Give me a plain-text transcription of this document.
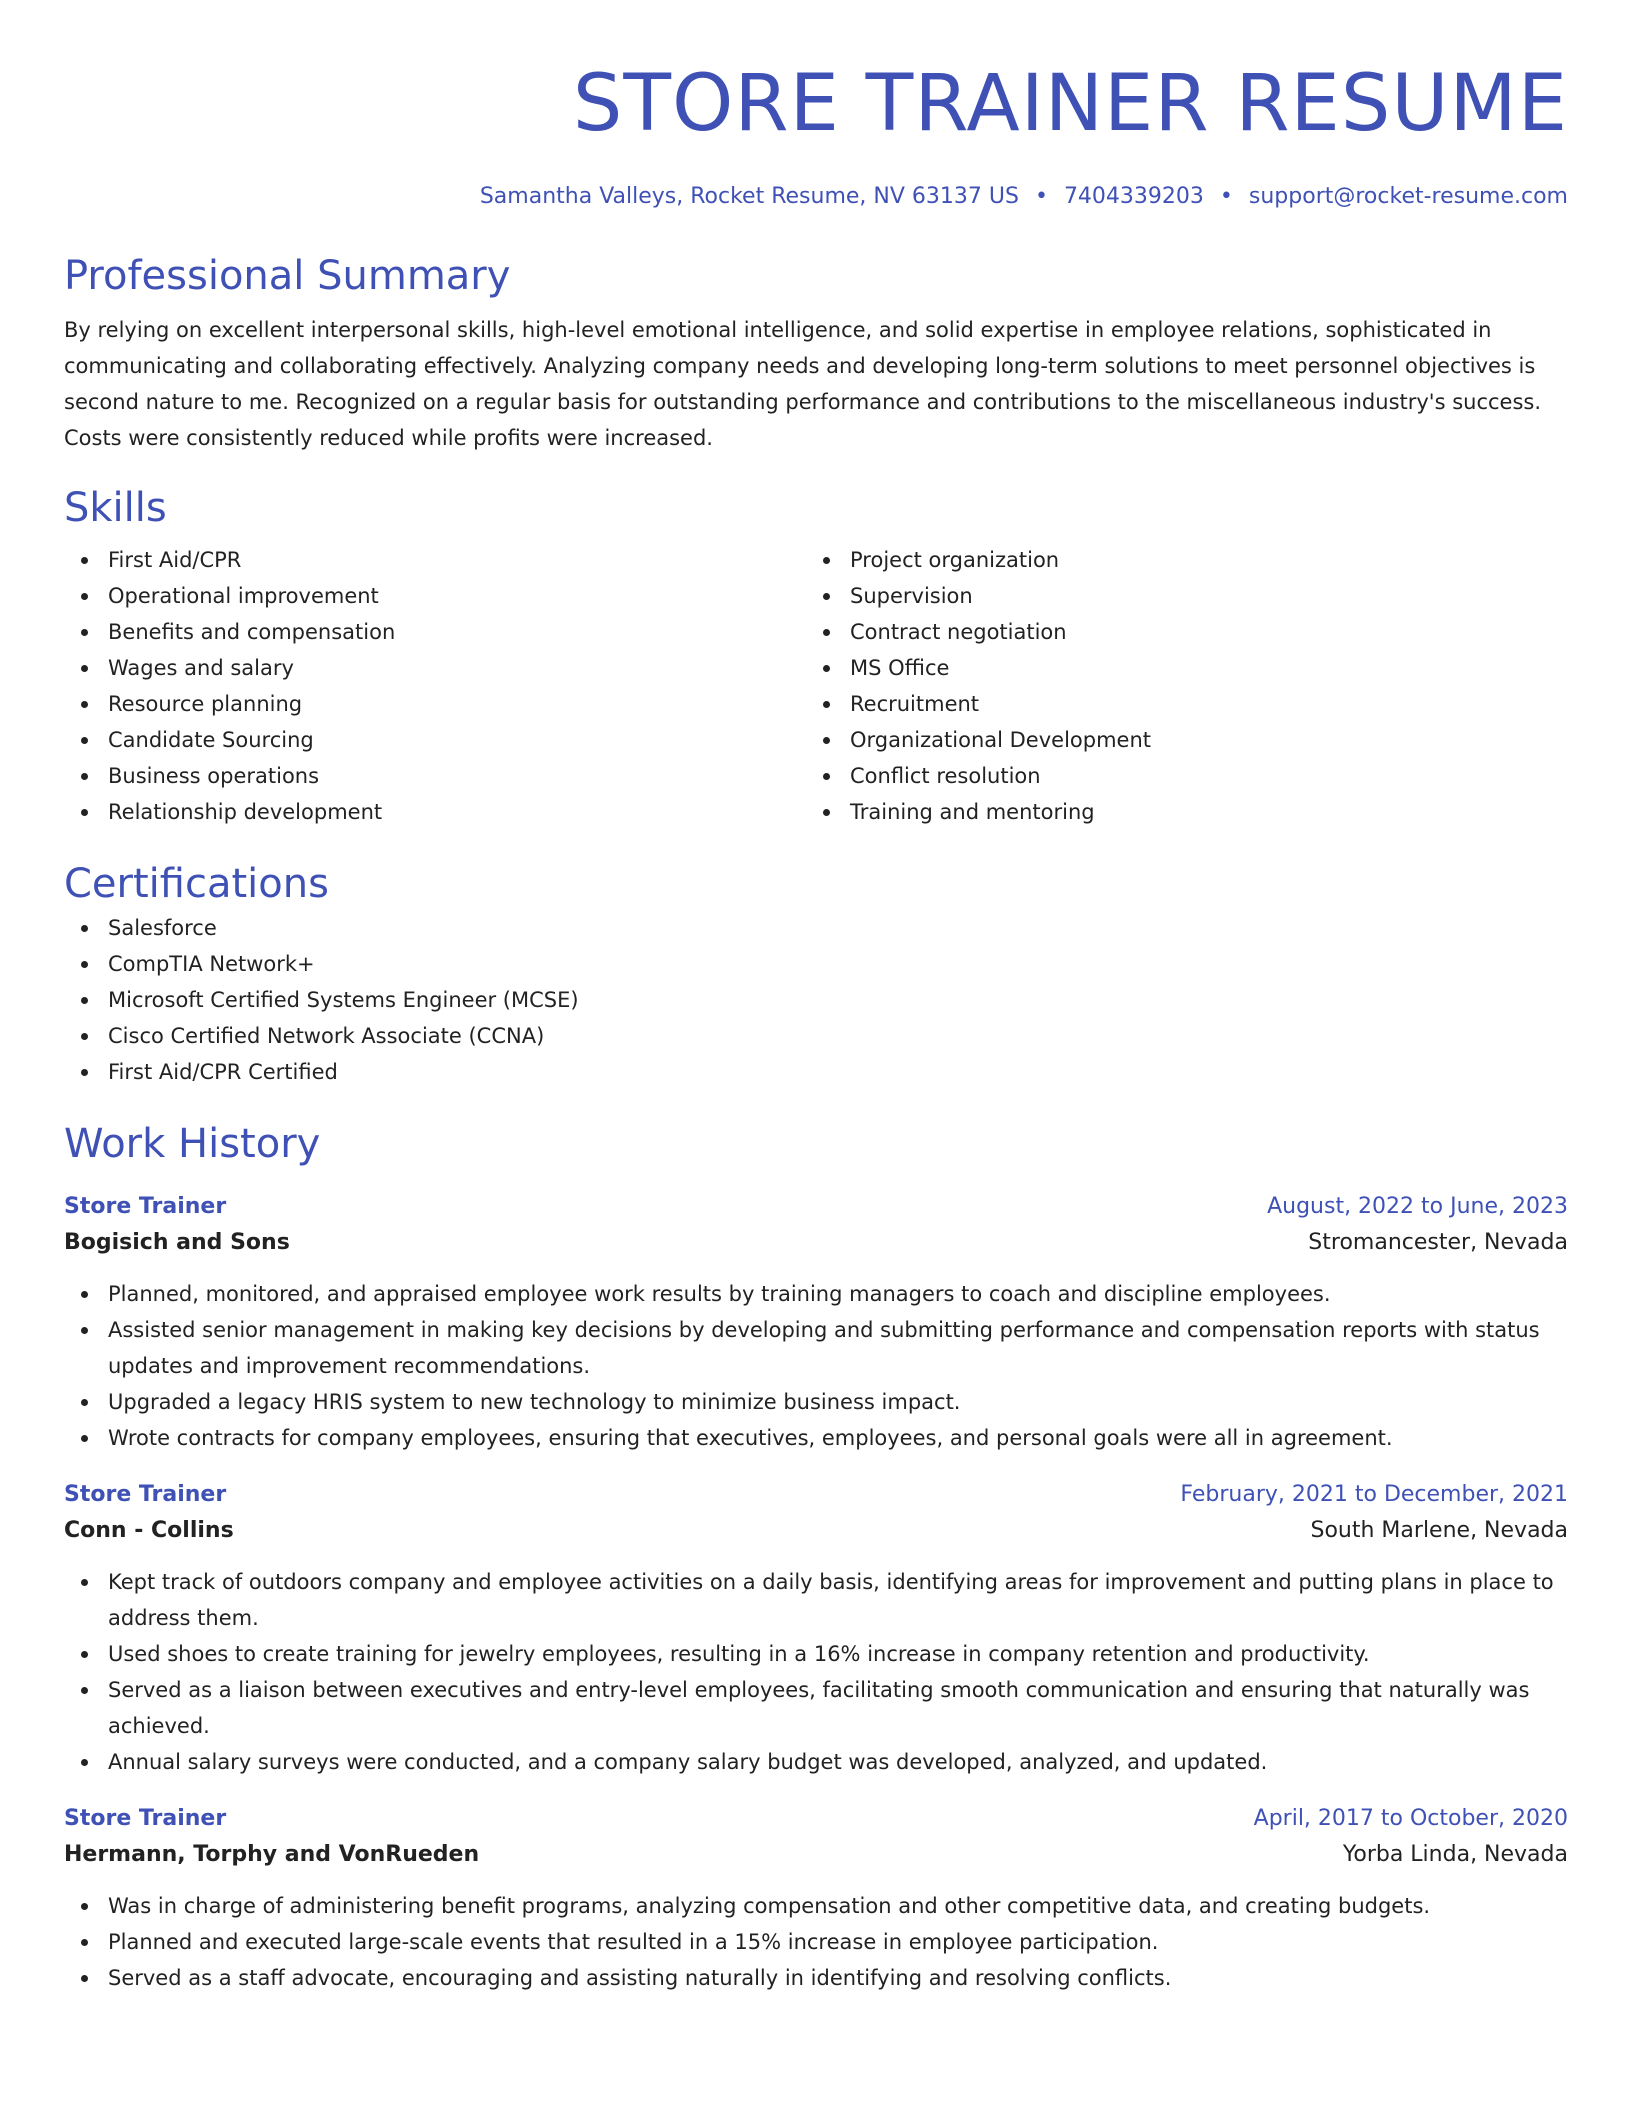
STORE TRAINER RESUME
Samantha Valleys, Rocket Resume, NV 63137 US • 7404339203 • support@rocket-resume.com
Professional Summary

By relying on excellent interpersonal skills, high-level emotional intelligence, and solid expertise in employee relations, sophisticated in communicating and collaborating effectively. Analyzing company needs and developing long-term solutions to meet personnel objectives is second nature to me. Recognized on a regular basis for outstanding performance and contributions to the miscellaneous industry's success. Costs were consistently reduced while profits were increased.

Skills
First Aid/CPR
Operational improvement
Benefits and compensation
Wages and salary
Resource planning
Candidate Sourcing
Business operations
Relationship development
Project organization
Supervision
Contract negotiation
MS Office
Recruitment
Organizational Development
Conflict resolution
Training and mentoring
Certifications
Salesforce
CompTIA Network+
Microsoft Certified Systems Engineer (MCSE)
Cisco Certified Network Associate (CCNA)
First Aid/CPR Certified
Work History
Store Trainer	August, 2022 to June, 2023
Bogisich and Sons	Stromancester, Nevada
Planned, monitored, and appraised employee work results by training managers to coach and discipline employees.
Assisted senior management in making key decisions by developing and submitting performance and compensation reports with status updates and improvement recommendations.
Upgraded a legacy HRIS system to new technology to minimize business impact.
Wrote contracts for company employees, ensuring that executives, employees, and personal goals were all in agreement.
Store Trainer	February, 2021 to December, 2021
Conn - Collins	South Marlene, Nevada
Kept track of outdoors company and employee activities on a daily basis, identifying areas for improvement and putting plans in place to address them.
Used shoes to create training for jewelry employees, resulting in a 16% increase in company retention and productivity.
Served as a liaison between executives and entry-level employees, facilitating smooth communication and ensuring that naturally was achieved.
Annual salary surveys were conducted, and a company salary budget was developed, analyzed, and updated.
Store Trainer	April, 2017 to October, 2020
Hermann, Torphy and VonRueden	Yorba Linda, Nevada
Was in charge of administering benefit programs, analyzing compensation and other competitive data, and creating budgets.
Planned and executed large-scale events that resulted in a 15% increase in employee participation.
Served as a staff advocate, encouraging and assisting naturally in identifying and resolving conflicts.
